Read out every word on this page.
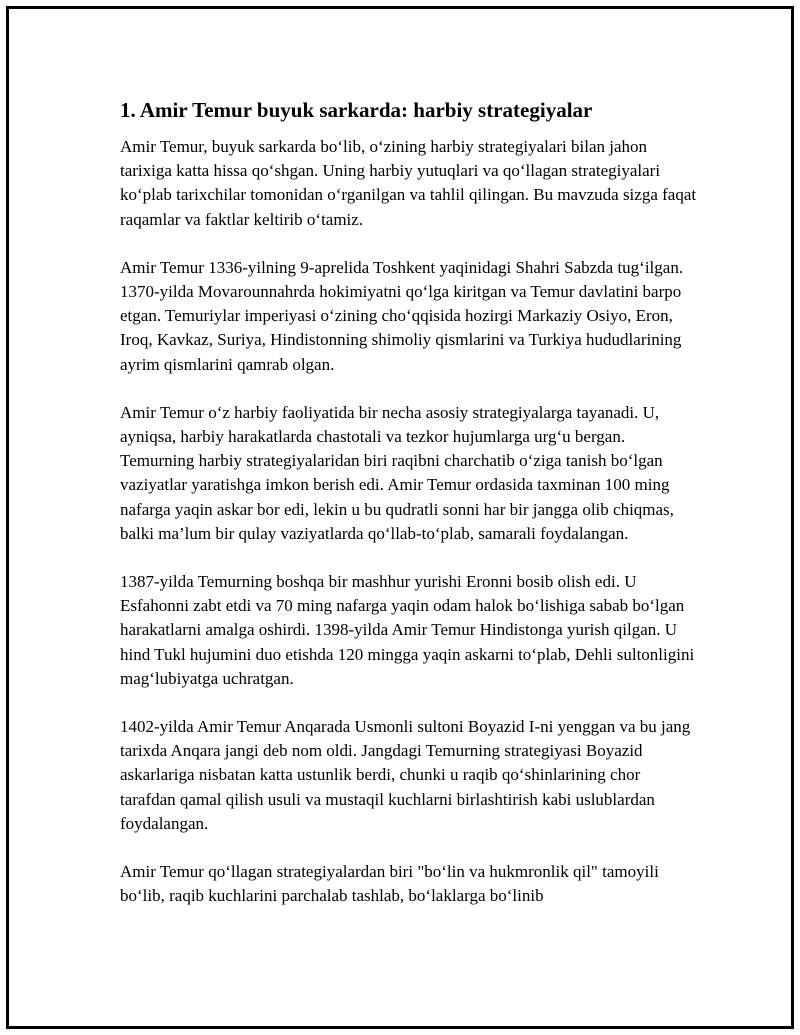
1. Amir Temur buyuk sarkarda: harbiy strategiyalar

Amir Temur, buyuk sarkarda bo‘lib, o‘zining harbiy strategiyalari bilan jahon tarixiga katta hissa qo‘shgan. Uning harbiy yutuqlari va qo‘llagan strategiyalari ko‘plab tarixchilar tomonidan o‘rganilgan va tahlil qilingan. Bu mavzuda sizga faqat raqamlar va faktlar keltirib o‘tamiz.

Amir Temur 1336-yilning 9-aprelida Toshkent yaqinidagi Shahri Sabzda tug‘ilgan. 1370-yilda Movarounnahrda hokimiyatni qo‘lga kiritgan va Temur davlatini barpo etgan. Temuriylar imperiyasi o‘zining cho‘qqisida hozirgi Markaziy Osiyo, Eron, Iroq, Kavkaz, Suriya, Hindistonning shimoliy qismlarini va Turkiya hududlarining ayrim qismlarini qamrab olgan.

Amir Temur o‘z harbiy faoliyatida bir necha asosiy strategiyalarga tayanadi. U, ayniqsa, harbiy harakatlarda chastotali va tezkor hujumlarga urg‘u bergan. Temurning harbiy strategiyalaridan biri raqibni charchatib o‘ziga tanish bo‘lgan vaziyatlar yaratishga imkon berish edi. Amir Temur ordasida taxminan 100 ming nafarga yaqin askar bor edi, lekin u bu qudratli sonni har bir jangga olib chiqmas, balki ma’lum bir qulay vaziyatlarda qo‘llab-to‘plab, samarali foydalangan.

1387-yilda Temurning boshqa bir mashhur yurishi Eronni bosib olish edi. U Esfahonni zabt etdi va 70 ming nafarga yaqin odam halok bo‘lishiga sabab bo‘lgan harakatlarni amalga oshirdi. 1398-yilda Amir Temur Hindistonga yurish qilgan. U hind Tukl hujumini duo etishda 120 mingga yaqin askarni to‘plab, Dehli sultonligini mag‘lubiyatga uchratgan.

1402-yilda Amir Temur Anqarada Usmonli sultoni Boyazid I-ni yenggan va bu jang tarixda Anqara jangi deb nom oldi. Jangdagi Temurning strategiyasi Boyazid askarlariga nisbatan katta ustunlik berdi, chunki u raqib qo‘shinlarining chor tarafdan qamal qilish usuli va mustaqil kuchlarni birlashtirish kabi uslublardan foydalangan.

Amir Temur qo‘llagan strategiyalardan biri "bo‘lin va hukmronlik qil" tamoyili bo‘lib, raqib kuchlarini parchalab tashlab, bo‘laklarga bo‘linib
